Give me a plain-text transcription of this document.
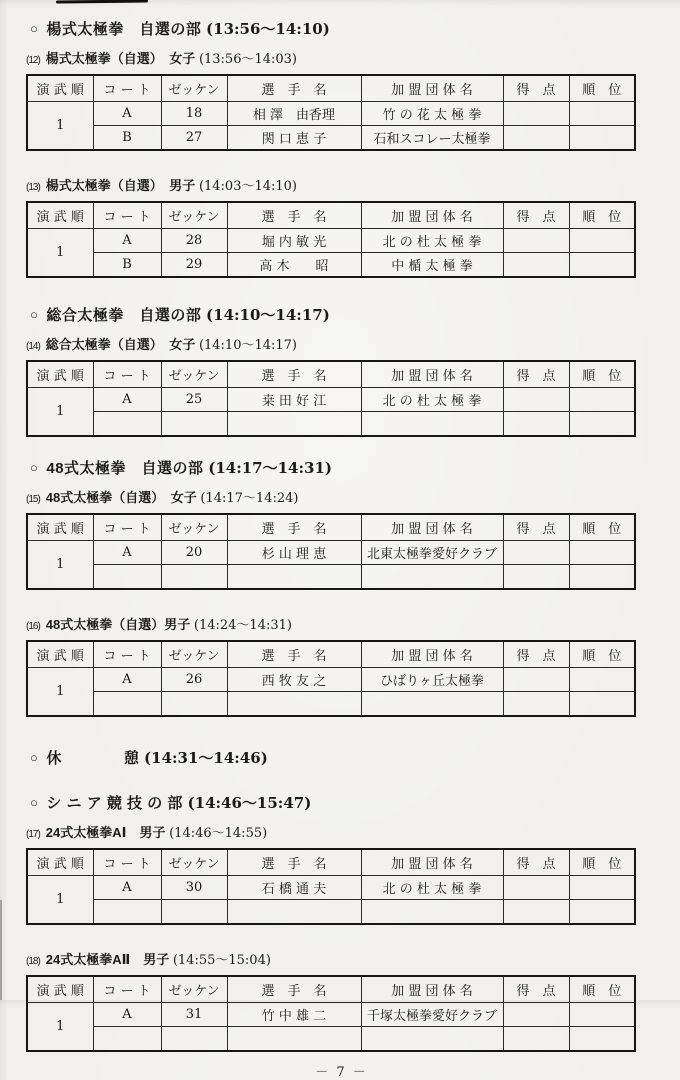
○ 楊式太極拳　自選の部 (13:56～14:10)
(12) 楊式太極拳（自選）　女子 (13:56～14:03)
演 武 順	コ ー ト	ゼッケン	選　手　名	加 盟 団 体 名	得　点	順　位
1	A	18	相 澤　由香理	竹 の 花 太 極 拳		
	B	27	関 口 恵 子	石和スコレー太極拳		
(13) 楊式太極拳（自選）　男子 (14:03～14:10)
演 武 順	コ ー ト	ゼッケン	選　手　名	加 盟 団 体 名	得　点	順　位
1	A	28	堀 内 敏 光	北 の 杜 太 極 拳		
	B	29	高 木　　昭	中 楯 太 極 拳		
○ 総合太極拳　自選の部 (14:10～14:17)
(14) 総合太極拳（自選）　女子 (14:10～14:17)
演 武 順	コ ー ト	ゼッケン	選　手　名	加 盟 団 体 名	得　点	順　位
1	A	25	桒 田 好 江	北 の 杜 太 極 拳		

○ 48式太極拳　自選の部 (14:17～14:31)
(15) 48式太極拳（自選）　女子 (14:17～14:24)
演 武 順	コ ー ト	ゼッケン	選　手　名	加 盟 団 体 名	得　点	順　位
1	A	20	杉 山 理 恵	北東太極拳愛好クラブ		

(16) 48式太極拳（自選）男子 (14:24～14:31)
演 武 順	コ ー ト	ゼッケン	選　手　名	加 盟 団 体 名	得　点	順　位
1	A	26	西 牧 友 之	ひばりヶ丘太極拳		

○ 休　　　　憩 (14:31～14:46)
○ シ ニ ア 競 技 の 部 (14:46～15:47)
(17) 24式太極拳AⅠ　男子 (14:46～14:55)
演 武 順	コ ー ト	ゼッケン	選　手　名	加 盟 団 体 名	得　点	順　位
1	A	30	石 橋 通 夫	北 の 杜 太 極 拳		

(18) 24式太極拳AⅡ　男子 (14:55～15:04)
演 武 順	コ ー ト	ゼッケン	選　手　名	加 盟 団 体 名	得　点	順　位
1	A	31	竹 中 雄 二	千塚太極拳愛好クラブ		

－ 7 －
